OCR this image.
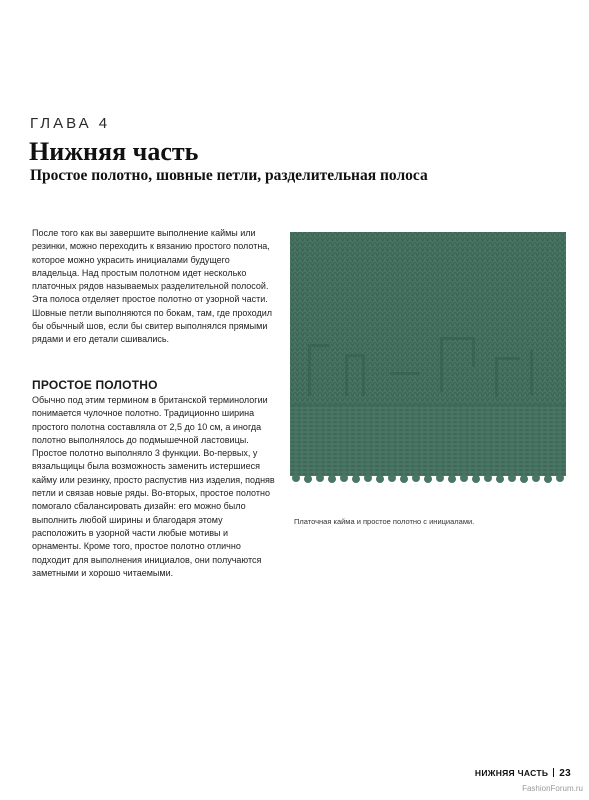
ГЛАВА 4
Нижняя часть
Простое полотно, шовные петли, разделительная полоса

После того как вы завершите выполнение каймы или резинки, можно переходить к вязанию простого полотна, которое можно украсить инициалами будущего владельца. Над простым полотном идет несколько платочных рядов называемых разделительной полосой. Эта полоса отделяет простое полотно от узорной части. Шовные петли выполняются по бокам, там, где проходил бы обычный шов, если бы свитер выполнялся прямыми рядами и его детали сшивались.

ПРОСТОЕ ПОЛОТНО

Обычно под этим термином в британской терминологии понимается чулочное полотно. Традиционно ширина простого полотна составляла от 2,5 до 10 см, а иногда полотно выполнялось до подмышечной ластовицы. Простое полотно выполняло 3 функции. Во-первых, у вязальщицы была возможность заменить истершиеся кайму или резинку, просто распустив низ изделия, подняв петли и связав новые ряды. Во-вторых, простое полотно помогало сбалансировать дизайн: его можно было выполнить любой ширины и благодаря этому расположить в узорной части любые мотивы и орнаменты. Кроме того, простое полотно отлично подходит для выполнения инициалов, они получаются заметными и хорошо читаемыми.

Платочная кайма и простое полотно с инициалами.

НИЖНЯЯ ЧАСТЬ 23
FashionForum.ru
